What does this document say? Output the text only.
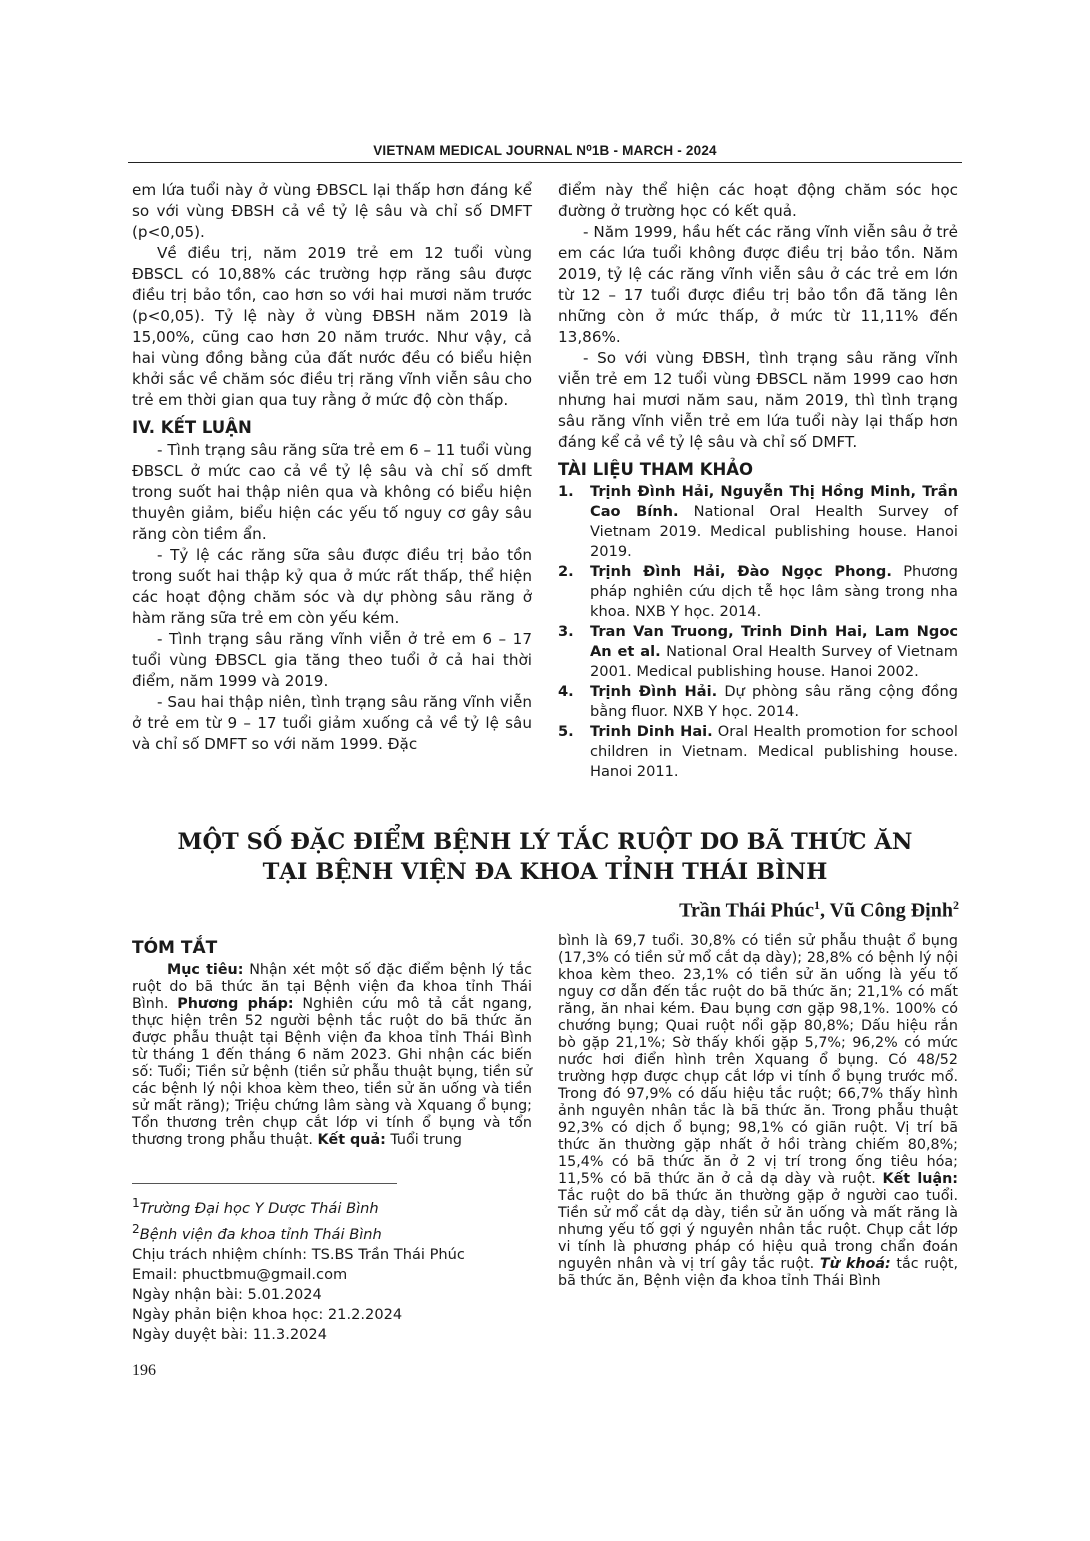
VIETNAM MEDICAL JOURNAL N⁰1B - MARCH - 2024

em lứa tuổi này ở vùng ĐBSCL lại thấp hơn đáng kể so với vùng ĐBSH cả về tỷ lệ sâu và chỉ số DMFT (p<0,05).

Về điều trị, năm 2019 trẻ em 12 tuổi vùng ĐBSCL có 10,88% các trường hợp răng sâu được điều trị bảo tồn, cao hơn so với hai mươi năm trước (p<0,05). Tỷ lệ này ở vùng ĐBSH năm 2019 là 15,00%, cũng cao hơn 20 năm trước. Như vậy, cả hai vùng đồng bằng của đất nước đều có biểu hiện khởi sắc về chăm sóc điều trị răng vĩnh viễn sâu cho trẻ em thời gian qua tuy rằng ở mức độ còn thấp.

IV. KẾT LUẬN

- Tình trạng sâu răng sữa trẻ em 6 – 11 tuổi vùng ĐBSCL ở mức cao cả về tỷ lệ sâu và chỉ số dmft trong suốt hai thập niên qua và không có biểu hiện thuyên giảm, biểu hiện các yếu tố nguy cơ gây sâu răng còn tiềm ẩn.

- Tỷ lệ các răng sữa sâu được điều trị bảo tồn trong suốt hai thập kỷ qua ở mức rất thấp, thể hiện các hoạt động chăm sóc và dự phòng sâu răng ở hàm răng sữa trẻ em còn yếu kém.

- Tình trạng sâu răng vĩnh viễn ở trẻ em 6 – 17 tuổi vùng ĐBSCL gia tăng theo tuổi ở cả hai thời điểm, năm 1999 và 2019.

- Sau hai thập niên, tình trạng sâu răng vĩnh viễn ở trẻ em từ 9 – 17 tuổi giảm xuống cả về tỷ lệ sâu và chỉ số DMFT so với năm 1999. Đặc

điểm này thể hiện các hoạt động chăm sóc học đường ở trường học có kết quả.

- Năm 1999, hầu hết các răng vĩnh viễn sâu ở trẻ em các lứa tuổi không được điều trị bảo tồn. Năm 2019, tỷ lệ các răng vĩnh viễn sâu ở các trẻ em lớn từ 12 – 17 tuổi được điều trị bảo tồn đã tăng lên những còn ở mức thấp, ở mức từ 11,11% đến 13,86%.

- So với vùng ĐBSH, tình trạng sâu răng vĩnh viễn trẻ em 12 tuổi vùng ĐBSCL năm 1999 cao hơn nhưng hai mươi năm sau, năm 2019, thì tình trạng sâu răng vĩnh viễn trẻ em lứa tuổi này lại thấp hơn đáng kể cả về tỷ lệ sâu và chỉ số DMFT.

TÀI LIỆU THAM KHẢO
1. Trịnh Đình Hải, Nguyễn Thị Hồng Minh, Trần Cao Bính. National Oral Health Survey of Vietnam 2019. Medical publishing house. Hanoi 2019.
2. Trịnh Đình Hải, Đào Ngọc Phong. Phương pháp nghiên cứu dịch tễ học lâm sàng trong nha khoa. NXB Y học. 2014.
3. Tran Van Truong, Trinh Dinh Hai, Lam Ngoc An et al. National Oral Health Survey of Vietnam 2001. Medical publishing house. Hanoi 2002.
4. Trịnh Đình Hải. Dự phòng sâu răng cộng đồng bằng fluor. NXB Y học. 2014.
5. Trinh Dinh Hai. Oral Health promotion for school children in Vietnam. Medical publishing house. Hanoi 2011.
MỘT SỐ ĐẶC ĐIỂM BỆNH LÝ TẮC RUỘT DO BÃ THỨC ĂN
TẠI BỆNH VIỆN ĐA KHOA TỈNH THÁI BÌNH
Trần Thái Phúc$^1$, Vũ Công Định$^2$
TÓM TẮT

Mục tiêu: Nhận xét một số đặc điểm bệnh lý tắc ruột do bã thức ăn tại Bệnh viện đa khoa tỉnh Thái Bình. Phương pháp: Nghiên cứu mô tả cắt ngang, thực hiện trên 52 người bệnh tắc ruột do bã thức ăn được phẫu thuật tại Bệnh viện đa khoa tỉnh Thái Bình từ tháng 1 đến tháng 6 năm 2023. Ghi nhận các biến số: Tuổi; Tiền sử bệnh (tiền sử phẫu thuật bụng, tiền sử các bệnh lý nội khoa kèm theo, tiền sử ăn uống và tiền sử mất răng); Triệu chứng lâm sàng và Xquang ổ bụng; Tổn thương trên chụp cắt lớp vi tính ổ bụng và tổn thương trong phẫu thuật. Kết quả: Tuổi trung

bình là 69,7 tuổi. 30,8% có tiền sử phẫu thuật ổ bụng (17,3% có tiền sử mổ cắt dạ dày); 28,8% có bệnh lý nội khoa kèm theo. 23,1% có tiền sử ăn uống là yếu tố nguy cơ dẫn đến tắc ruột do bã thức ăn; 21,1% có mất răng, ăn nhai kém. Đau bụng cơn gặp 98,1%. 100% có chướng bụng; Quai ruột nổi gặp 80,8%; Dấu hiệu rắn bò gặp 21,1%; Sờ thấy khối gặp 5,7%; 96,2% có mức nước hơi điển hình trên Xquang ổ bụng. Có 48/52 trường hợp được chụp cắt lớp vi tính ổ bụng trước mổ. Trong đó 97,9% có dấu hiệu tắc ruột; 66,7% thấy hình ảnh nguyên nhân tắc là bã thức ăn. Trong phẫu thuật 92,3% có dịch ổ bụng; 98,1% có giãn ruột. Vị trí bã thức ăn thường gặp nhất ở hồi tràng chiếm 80,8%; 15,4% có bã thức ăn ở 2 vị trí trong ống tiêu hóa; 11,5% có bã thức ăn ở cả dạ dày và ruột. Kết luận: Tắc ruột do bã thức ăn thường gặp ở người cao tuổi. Tiền sử mổ cắt dạ dày, tiền sử ăn uống và mất răng là nhưng yếu tố gợi ý nguyên nhân tắc ruột. Chụp cắt lớp vi tính là phương pháp có hiệu quả trong chẩn đoán nguyên nhân và vị trí gây tắc ruột. Từ khoá: tắc ruột, bã thức ăn, Bệnh viện đa khoa tỉnh Thái Bình

$^1$Trường Đại học Y Dược Thái Bình

$^2$Bệnh viện đa khoa tỉnh Thái Bình

Chịu trách nhiệm chính: TS.BS Trần Thái Phúc

Email: phuctbmu@gmail.com

Ngày nhận bài: 5.01.2024

Ngày phản biện khoa học: 21.2.2024

Ngày duyệt bài: 11.3.2024

196
